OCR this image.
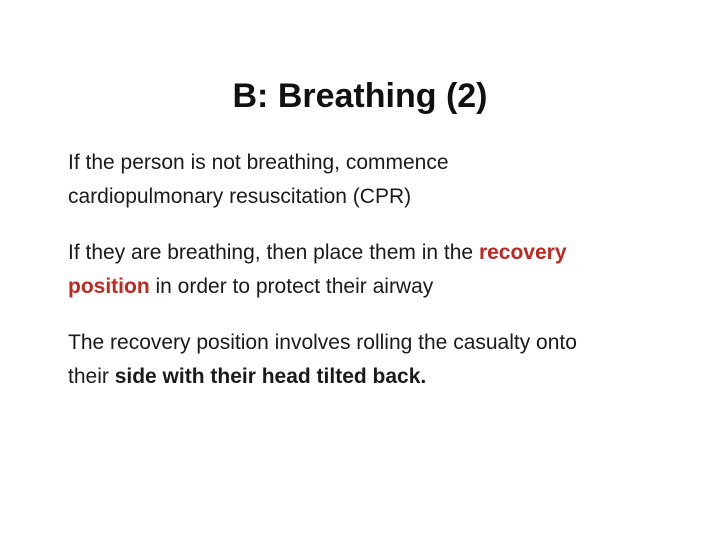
B: Breathing (2)

If the person is not breathing, commence
cardiopulmonary resuscitation (CPR)

If they are breathing, then place them in the recovery
position in order to protect their airway

The recovery position involves rolling the casualty onto
their side with their head tilted back.
